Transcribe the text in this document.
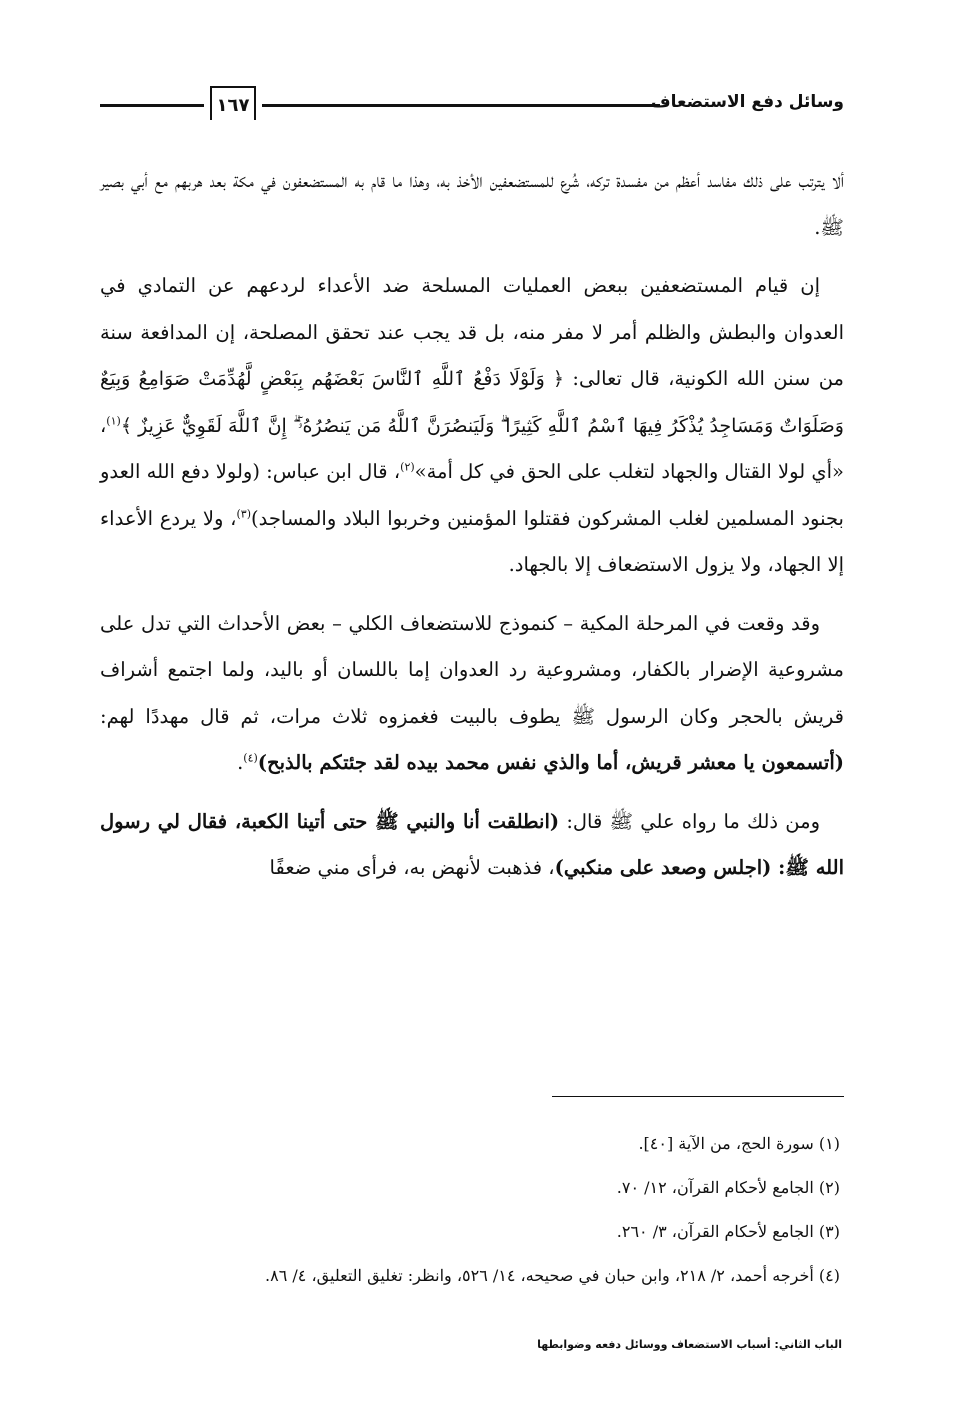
١٦٧	وسائل دفع الاستضعاف

ألا يترتب على ذلك مفاسد أعظم من مفسدة تركه، شُرع للمستضعفين الأخذ به، وهذا ما قام به المستضعفون في مكة بعد هربهم مع أبي بصير ﷺ.

إن قيام المستضعفين ببعض العمليات المسلحة ضد الأعداء لردعهم عن التمادي في العدوان والبطش والظلم أمر لا مفر منه، بل قد يجب عند تحقق المصلحة، إن المدافعة سنة من سنن الله الكونية، قال تعالى: ﴿ وَلَوْلَا دَفْعُ ٱللَّهِ ٱلنَّاسَ بَعْضَهُم بِبَعْضٍ لَّهُدِّمَتْ صَوَامِعُ وَبِيَعٌ وَصَلَوَاتٌ وَمَسَاجِدُ يُذْكَرُ فِيهَا ٱسْمُ ٱللَّهِ كَثِيرًا ۗ وَلَيَنصُرَنَّ ٱللَّهُ مَن يَنصُرُهُۥٓ ۗ إِنَّ ٱللَّهَ لَقَوِيٌّ عَزِيزٌ ﴾$^{(١)}$، «أي لولا القتال والجهاد لتغلب على الحق في كل أمة»$^{(٢)}$، قال ابن عباس: (ولولا دفع الله العدو بجنود المسلمين لغلب المشركون فقتلوا المؤمنين وخربوا البلاد والمساجد)$^{(٣)}$، ولا يردع الأعداء إلا الجهاد، ولا يزول الاستضعاف إلا بالجهاد.

وقد وقعت في المرحلة المكية – كنموذج للاستضعاف الكلي – بعض الأحداث التي تدل على مشروعية الإضرار بالكفار، ومشروعية رد العدوان إما باللسان أو باليد، ولما اجتمع أشراف قريش بالحجر وكان الرسول ﷺ يطوف بالبيت فغمزوه ثلاث مرات، ثم قال مهددًا لهم: (أتسمعون يا معشر قريش، أما والذي نفس محمد بيده لقد جئتكم بالذبح)$^{(٤)}$.

ومن ذلك ما رواه علي ﷺ قال: (انطلقت أنا والنبي ﷺ حتى أتينا الكعبة، فقال لي رسول الله ﷺ: (اجلس وصعد على منكبي)، فذهبت لأنهض به، فرأى مني ضعفًا

(١) سورة الحج، من الآية [٤٠].
(٢) الجامع لأحكام القرآن، ١٢/ ٧٠.
(٣) الجامع لأحكام القرآن، ٣/ ٢٦٠.
(٤) أخرجه أحمد، ٢/ ٢١٨، وابن حبان في صحيحه، ١٤/ ٥٢٦، وانظر: تغليق التعليق، ٤/ ٨٦.
الباب الثاني: أسباب الاستضعاف ووسائل دفعه وضوابطها
